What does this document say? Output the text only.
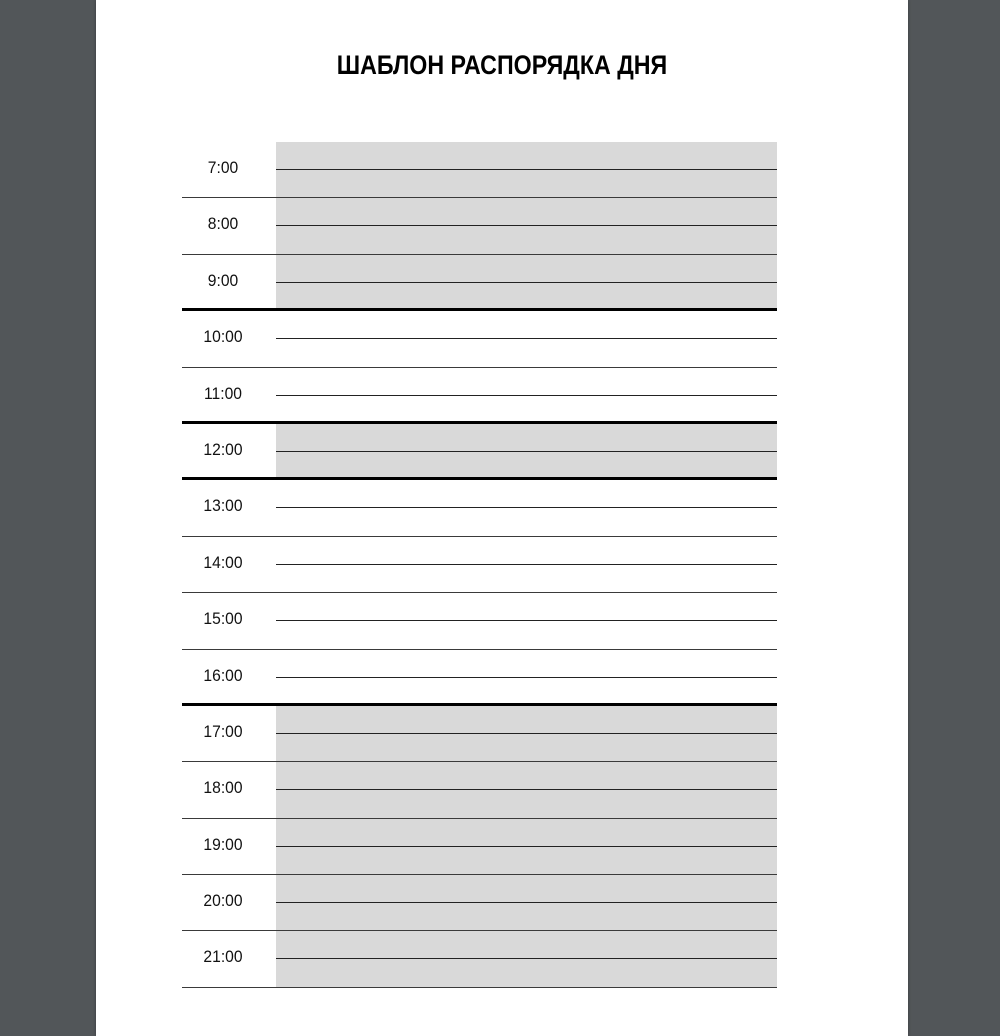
ШАБЛОН РАСПОРЯДКА ДНЯ
7:00
8:00
9:00
10:00
11:00
12:00
13:00
14:00
15:00
16:00
17:00
18:00
19:00
20:00
21:00
